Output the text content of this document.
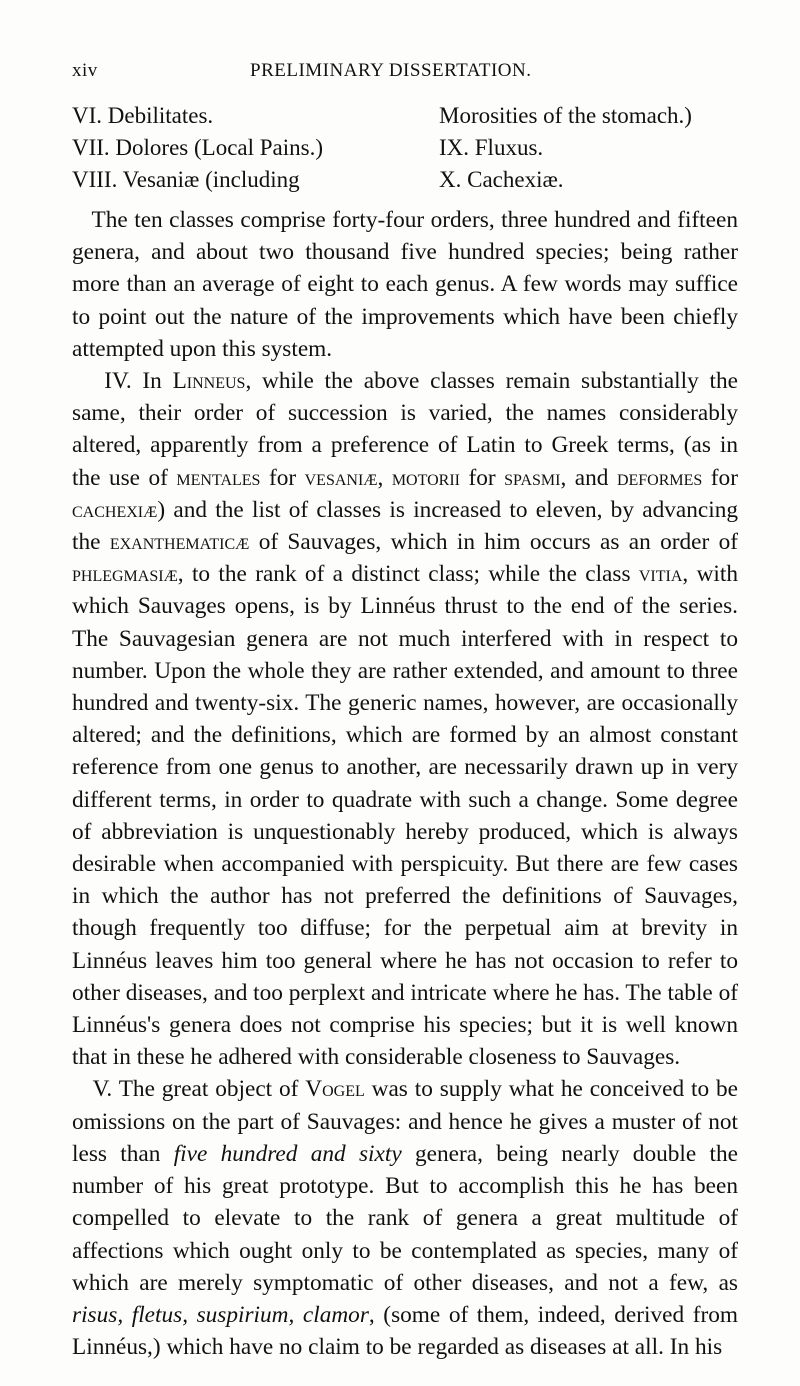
xiv	PRELIMINARY DISSERTATION.
VI. Debilitates.	Morosities of the stomach.)
VII. Dolores (Local Pains.)	IX. Fluxus.
VIII. Vesaniæ (including	X. Cachexiæ.

The ten classes comprise forty-four orders, three hundred and fifteen genera, and about two thousand five hundred species; being rather more than an average of eight to each genus. A few words may suffice to point out the nature of the improvements which have been chiefly attempted upon this system.

IV. In Linneus, while the above classes remain substantially the same, their order of succession is varied, the names considerably altered, apparently from a preference of Latin to Greek terms, (as in the use of mentales for vesaniæ, motorii for spasmi, and deformes for cachexiæ) and the list of classes is increased to eleven, by advancing the exanthematicæ of Sauvages, which in him occurs as an order of phlegmasiæ, to the rank of a distinct class; while the class vitia, with which Sauvages opens, is by Linnéus thrust to the end of the series. The Sauvagesian genera are not much interfered with in respect to number. Upon the whole they are rather extended, and amount to three hundred and twenty-six. The generic names, however, are occasionally altered; and the definitions, which are formed by an almost constant reference from one genus to another, are necessarily drawn up in very different terms, in order to quadrate with such a change. Some degree of abbreviation is unquestionably hereby produced, which is always desirable when accompanied with perspicuity. But there are few cases in which the author has not preferred the definitions of Sauvages, though frequently too diffuse; for the perpetual aim at brevity in Linnéus leaves him too general where he has not occasion to refer to other diseases, and too perplext and intricate where he has. The table of Linnéus's genera does not comprise his species; but it is well known that in these he adhered with considerable closeness to Sauvages.

V. The great object of Vogel was to supply what he conceived to be omissions on the part of Sauvages: and hence he gives a muster of not less than five hundred and sixty genera, being nearly double the number of his great prototype. But to accomplish this he has been compelled to elevate to the rank of genera a great multitude of affections which ought only to be contemplated as species, many of which are merely symptomatic of other diseases, and not a few, as risus, fletus, suspirium, clamor, (some of them, indeed, derived from Linnéus,) which have no claim to be regarded as diseases at all. In his
